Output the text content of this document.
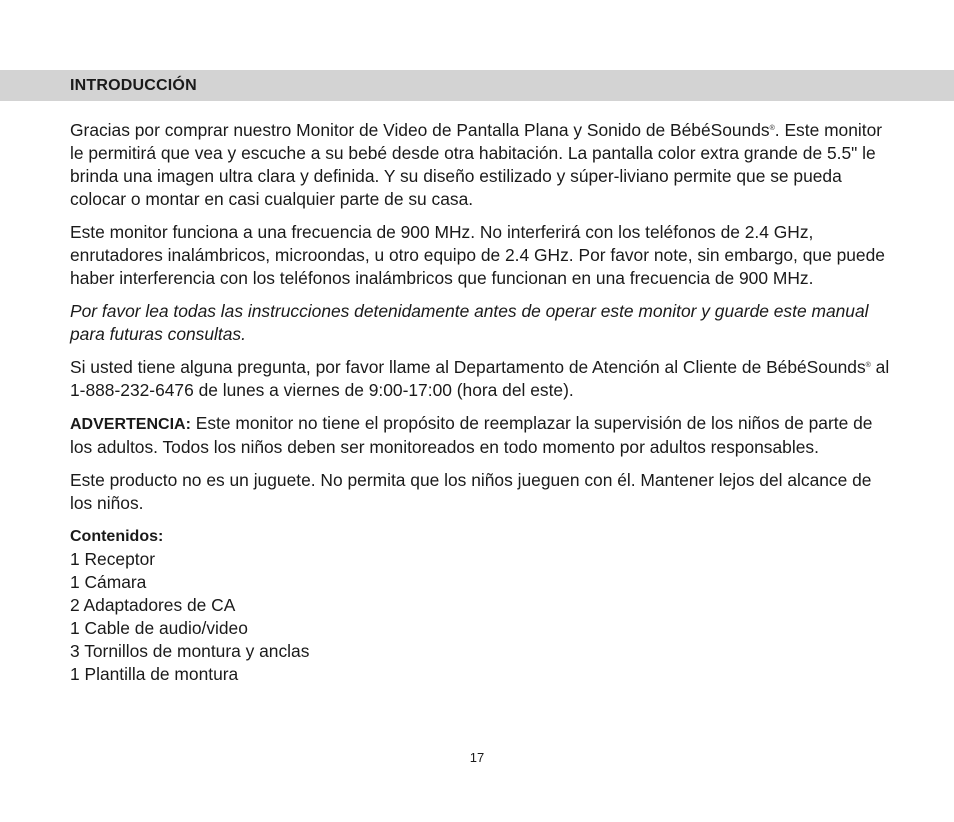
INTRODUCCIÓN

Gracias por comprar nuestro Monitor de Video de Pantalla Plana y Sonido de BébéSounds®. Este monitor le permitirá que vea y escuche a su bebé desde otra habitación. La pantalla color extra grande de 5.5" le brinda una imagen ultra clara y definida. Y su diseño estilizado y súper-liviano permite que se pueda colocar o montar en casi cualquier parte de su casa.

Este monitor funciona a una frecuencia de 900 MHz. No interferirá con los teléfonos de 2.4 GHz, enrutadores inalámbricos, microondas, u otro equipo de 2.4 GHz. Por favor note, sin embargo, que puede haber interferencia con los teléfonos inalámbricos que funcionan en una frecuencia de 900 MHz.

Por favor lea todas las instrucciones detenidamente antes de operar este monitor y guarde este manual para futuras consultas.

Si usted tiene alguna pregunta, por favor llame al Departamento de Atención al Cliente de BébéSounds® al 1-888-232-6476 de lunes a viernes de 9:00-17:00 (hora del este).

ADVERTENCIA: Este monitor no tiene el propósito de reemplazar la supervisión de los niños de parte de los adultos. Todos los niños deben ser monitoreados en todo momento por adultos responsables.

Este producto no es un juguete. No permita que los niños jueguen con él. Mantener lejos del alcance de los niños.

Contenidos:
1 Receptor
1 Cámara
2 Adaptadores de CA
1 Cable de audio/video
3 Tornillos de montura y anclas
1 Plantilla de montura
17
